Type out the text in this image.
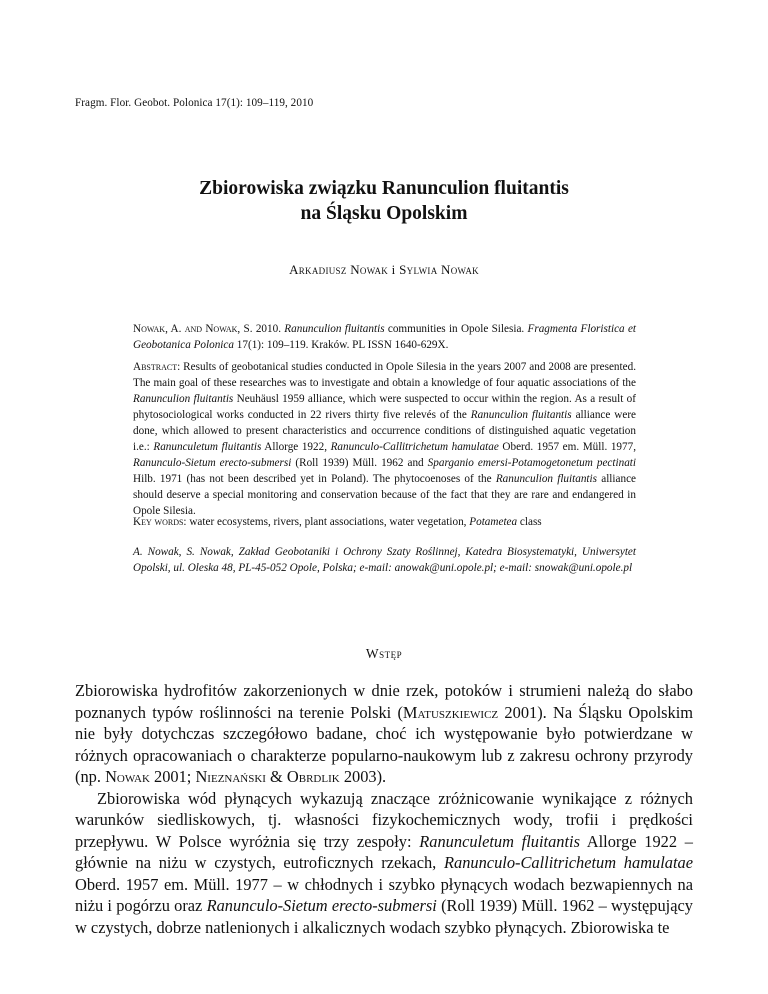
Fragm. Flor. Geobot. Polonica 17(1): 109–119, 2010
Zbiorowiska związku Ranunculion fluitantis
na Śląsku Opolskim
Arkadiusz Nowak i Sylwia Nowak

Nowak, A. and Nowak, S. 2010. Ranunculion fluitantis communities in Opole Silesia. Fragmenta Floristica et Geobotanica Polonica 17(1): 109–119. Kraków. PL ISSN 1640-629X.

Abstract: Results of geobotanical studies conducted in Opole Silesia in the years 2007 and 2008 are presented. The main goal of these researches was to investigate and obtain a knowledge of four aquatic associations of the Ranunculion fluitantis Neuhäusl 1959 alliance, which were suspected to occur within the region. As a result of phytosociological works conducted in 22 rivers thirty five relevés of the Ranunculion fluitantis alliance were done, which allowed to present characteristics and occurrence conditions of distinguished aquatic vegetation i.e.: Ranunculetum fluitantis Allorge 1922, Ranunculo-Callitrichetum hamulatae Oberd. 1957 em. Müll. 1977, Ranunculo-Sietum erecto-submersi (Roll 1939) Müll. 1962 and Sparganio emersi-Potamogetonetum pectinati Hilb. 1971 (has not been described yet in Poland). The phytocoenoses of the Ranunculion fluitantis alliance should deserve a special monitoring and conservation because of the fact that they are rare and endangered in Opole Silesia.

Key words: water ecosystems, rivers, plant associations, water vegetation, Potametea class

A. Nowak, S. Nowak, Zakład Geobotaniki i Ochrony Szaty Roślinnej, Katedra Biosystematyki, Uniwersytet Opolski, ul. Oleska 48, PL-45-052 Opole, Polska; e-mail: anowak@uni.opole.pl; e-mail: snowak@uni.opole.pl

Wstęp

Zbiorowiska hydrofitów zakorzenionych w dnie rzek, potoków i strumieni należą do słabo poznanych typów roślinności na terenie Polski (Matuszkiewicz 2001). Na Śląsku Opolskim nie były dotychczas szczegółowo badane, choć ich występowanie było potwierdzane w różnych opracowaniach o charakterze popularno-naukowym lub z zakresu ochrony przyrody (np. Nowak 2001; Nieznański & Obrdlik 2003).

Zbiorowiska wód płynących wykazują znaczące zróżnicowanie wynikające z różnych warunków siedliskowych, tj. własności fizykochemicznych wody, trofii i prędkości przepływu. W Polsce wyróżnia się trzy zespoły: Ranunculetum fluitantis Allorge 1922 – głównie na niżu w czystych, eutroficznych rzekach, Ranunculo-Callitrichetum hamulatae Oberd. 1957 em. Müll. 1977 – w chłodnych i szybko płynących wodach bezwapiennych na niżu i pogórzu oraz Ranunculo-Sietum erecto-submersi (Roll 1939) Müll. 1962 – występujący w czystych, dobrze natlenionych i alkalicznych wodach szybko płynących. Zbiorowiska te
